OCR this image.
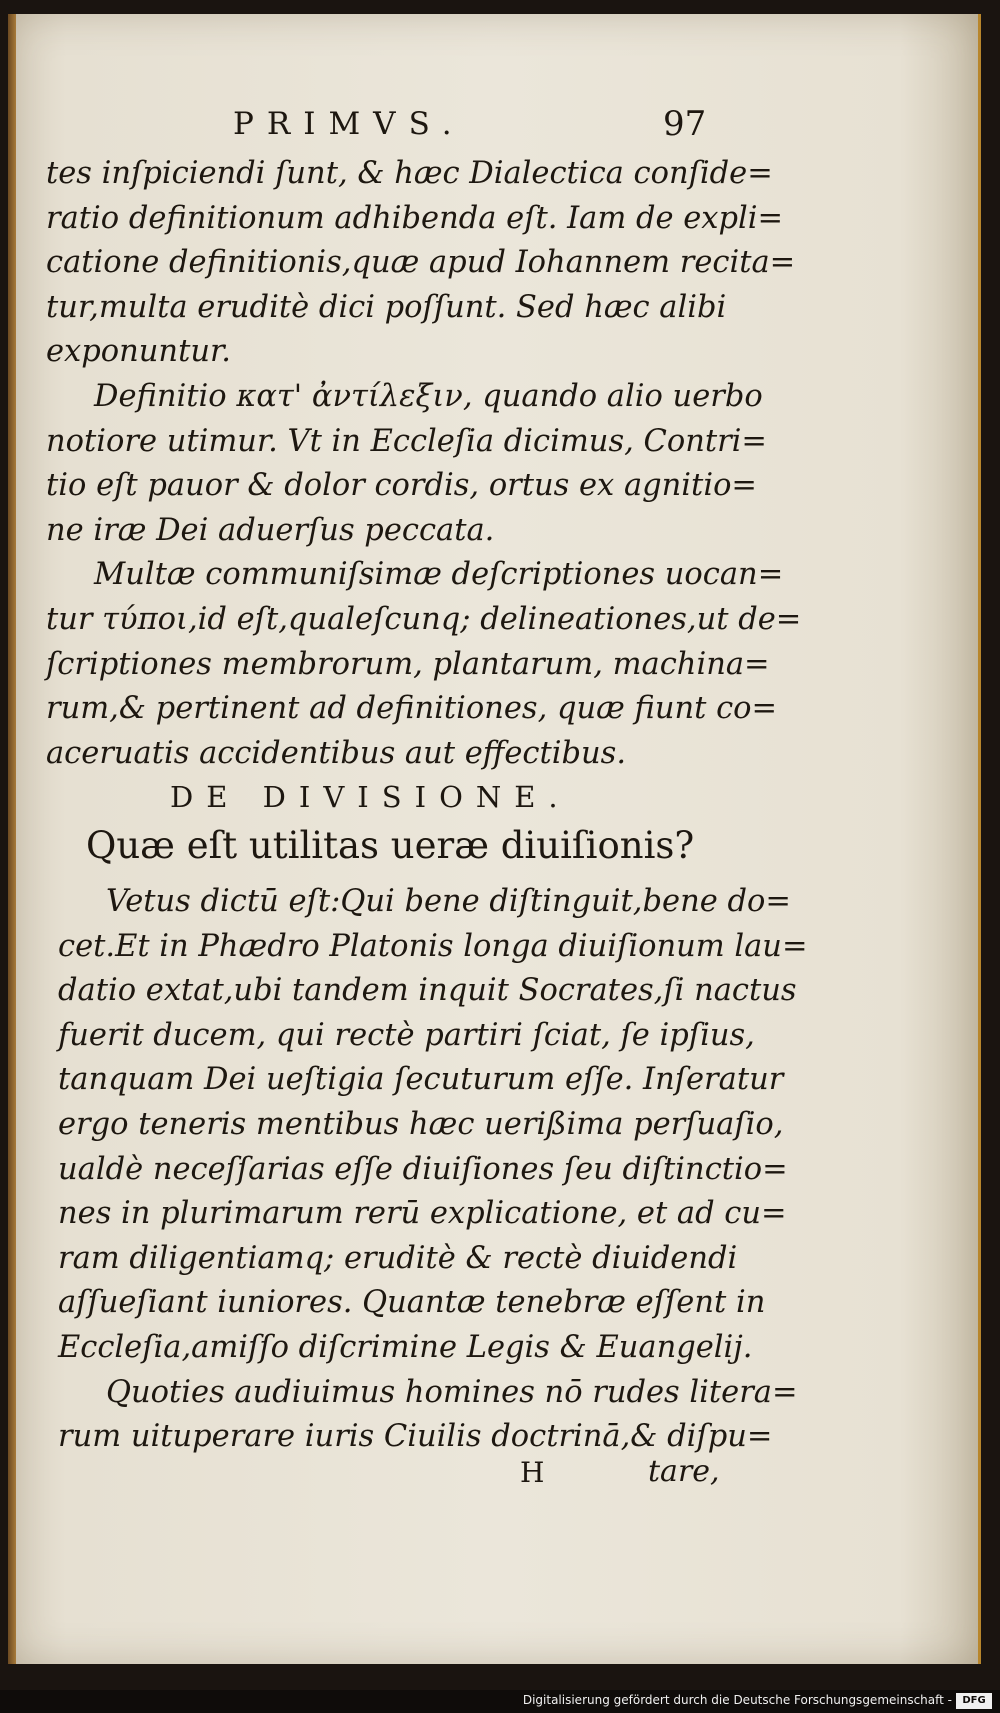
PRIMVS.	97
tes inſpiciendi ſunt, & hæc Dialectica conſide=
ratio definitionum adhibenda eſt. Iam de expli=
catione definitionis,quæ apud Iohannem recita=
tur,multa eruditè dici poſſunt. Sed hæc alibi
exponuntur.
Definitio κατ' ἀντίλεξιν, quando alio uerbo
notiore utimur. Vt in Eccleſia dicimus, Contri=
tio eſt pauor & dolor cordis, ortus ex agnitio=
ne iræ Dei aduerſus peccata.
Multæ communiſsimæ deſcriptiones uocan=
tur τύποι,id eſt,qualeſcunq; delineationes,ut de=
ſcriptiones membrorum, plantarum, machina=
rum,& pertinent ad definitiones, quæ fiunt co=
aceruatis accidentibus aut effectibus.
DE DIVISIONE.
Quæ eſt utilitas ueræ diuiſionis?
Vetus dictū eſt:Qui bene diſtinguit,bene do=
cet.Et in Phædro Platonis longa diuiſionum lau=
datio extat,ubi tandem inquit Socrates,ſi nactus
fuerit ducem, qui rectè partiri ſciat, ſe ipſius,
tanquam Dei ueſtigia ſecuturum eſſe. Inſeratur
ergo teneris mentibus hæc uerißima perſuaſio,
ualdè neceſſarias eſſe diuiſiones ſeu diſtinctio=
nes in plurimarum rerū explicatione, et ad cu=
ram diligentiamq; eruditè & rectè diuidendi
aſſueſiant iuniores. Quantæ tenebræ eſſent in
Eccleſia,amiſſo diſcrimine Legis & Euangelij.
Quoties audiuimus homines nō rudes litera=
rum uituperare iuris Ciuilis doctrinā,& diſpu=
H	tare,
Digitalisierung gefördert durch die Deutsche Forschungsgemeinschaft -	DFG
